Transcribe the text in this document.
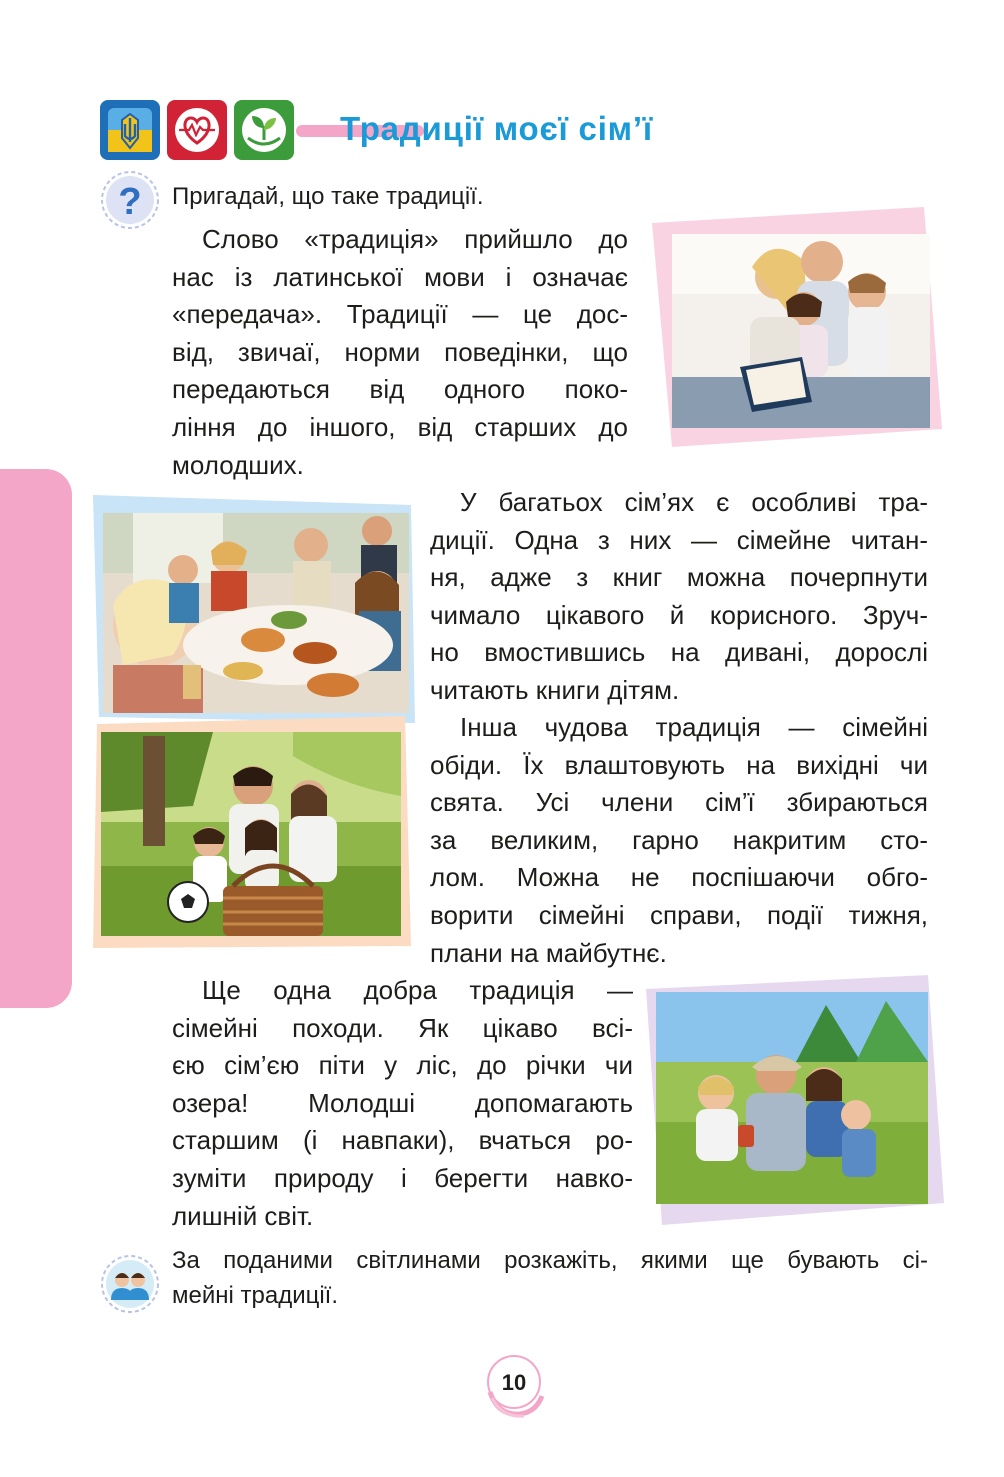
Традиції моєї сім’ї
? Пригадай, що таке традиції.
Слово «традиція» прийшло до
нас із латинської мови і означає
«передача». Традиції — це дос-
від, звичаї, норми поведінки, що
передаються від одного поко-
ління до іншого, від старших до
молодших.
У багатьох сім’ях є особливі тра-
диції. Одна з них — сімейне читан-
ня, адже з книг можна почерпнути
чимало цікавого й корисного. Зруч-
но вмостившись на дивані, дорослі
читають книги дітям.
Інша чудова традиція — сімейні
обіди. Їх влаштовують на вихідні чи
свята. Усі члени сім’ї збираються
за великим, гарно накритим сто-
лом. Можна не поспішаючи обго-
ворити сімейні справи, події тижня,
плани на майбутнє.
Ще одна добра традиція —
сімейні походи. Як цікаво всі-
єю сім’єю піти у ліс, до річки чи
озера! Молодші допомагають
старшим (і навпаки), вчаться ро-
зуміти природу і берегти навко-
лишній світ.
За поданими світлинами розкажіть, якими ще бувають сі-
мейні традиції.
10
